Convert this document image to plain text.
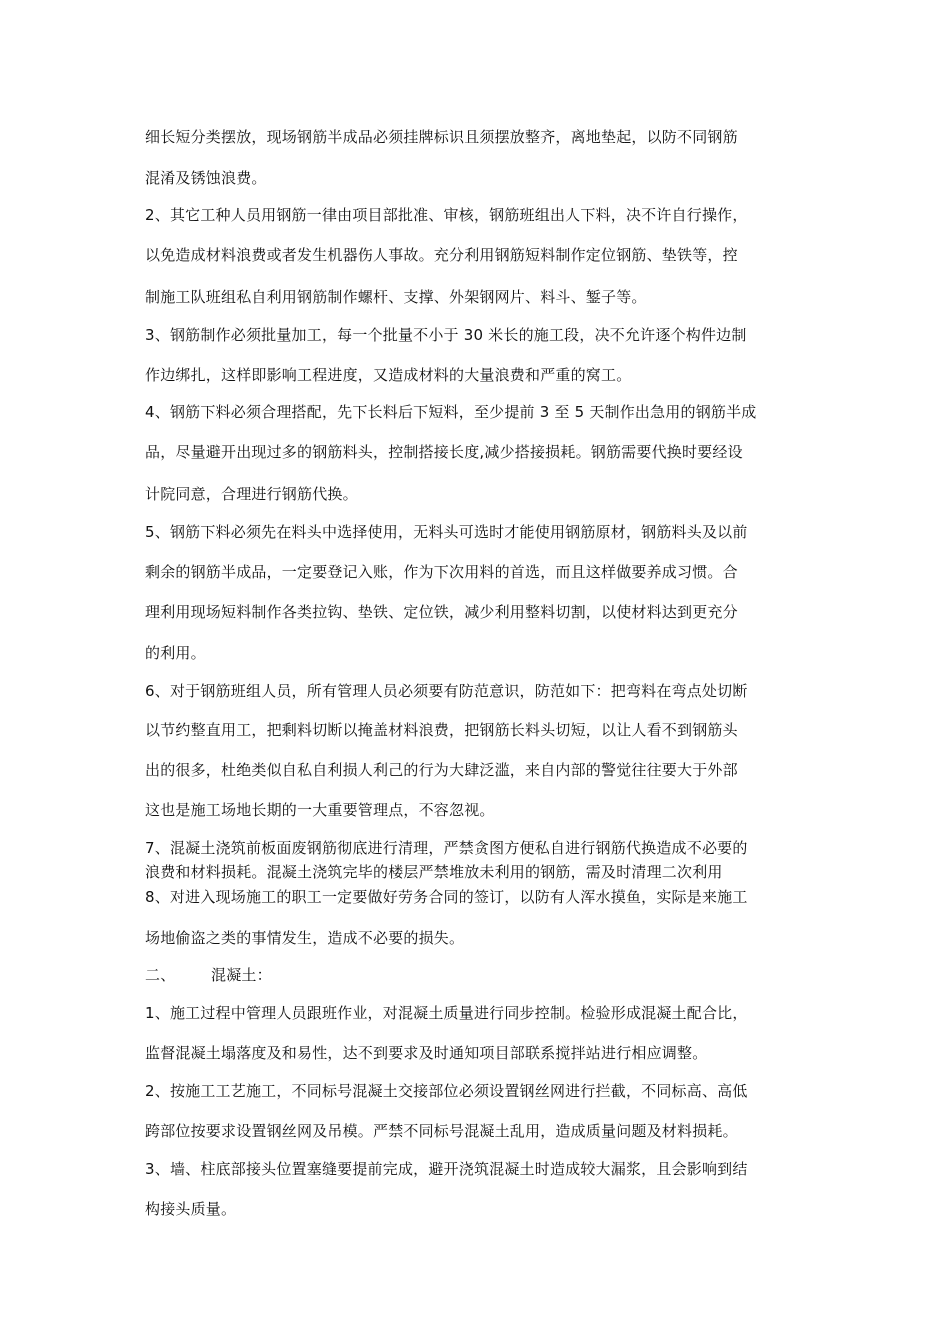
细长短分类摆放，现场钢筋半成品必须挂牌标识且须摆放整齐，离地垫起，以防不同钢筋
混淆及锈蚀浪费。
2、其它工种人员用钢筋一律由项目部批准、审核，钢筋班组出人下料，决不许自行操作，
以免造成材料浪费或者发生机器伤人事故。充分利用钢筋短料制作定位钢筋、垫铁等，控
制施工队班组私自利用钢筋制作螺杆、支撑、外架钢网片、料斗、錾子等。
3、钢筋制作必须批量加工，每一个批量不小于 30 米长的施工段，决不允许逐个构件边制
作边绑扎，这样即影响工程进度，又造成材料的大量浪费和严重的窝工。
4、钢筋下料必须合理搭配，先下长料后下短料，至少提前 3 至 5 天制作出急用的钢筋半成
品，尽量避开出现过多的钢筋料头，控制搭接长度,减少搭接损耗。钢筋需要代换时要经设
计院同意，合理进行钢筋代换。
5、钢筋下料必须先在料头中选择使用，无料头可选时才能使用钢筋原材，钢筋料头及以前
剩余的钢筋半成品，一定要登记入账，作为下次用料的首选，而且这样做要养成习惯。合
理利用现场短料制作各类拉钩、垫铁、定位铁，减少利用整料切割，以使材料达到更充分
的利用。
6、对于钢筋班组人员，所有管理人员必须要有防范意识，防范如下：把弯料在弯点处切断
以节约整直用工，把剩料切断以掩盖材料浪费，把钢筋长料头切短，以让人看不到钢筋头
出的很多，杜绝类似自私自利损人利己的行为大肆泛滥，来自内部的警觉往往要大于外部
这也是施工场地长期的一大重要管理点，不容忽视。
7、混凝土浇筑前板面废钢筋彻底进行清理，严禁贪图方便私自进行钢筋代换造成不必要的
浪费和材料损耗。混凝土浇筑完毕的楼层严禁堆放未利用的钢筋，需及时清理二次利用
8、对进入现场施工的职工一定要做好劳务合同的签订，以防有人浑水摸鱼，实际是来施工
场地偷盗之类的事情发生，造成不必要的损失。
二、 混凝土：
1、施工过程中管理人员跟班作业，对混凝土质量进行同步控制。检验形成混凝土配合比，
监督混凝土塌落度及和易性，达不到要求及时通知项目部联系搅拌站进行相应调整。
2、按施工工艺施工，不同标号混凝土交接部位必须设置钢丝网进行拦截，不同标高、高低
跨部位按要求设置钢丝网及吊模。严禁不同标号混凝土乱用，造成质量问题及材料损耗。
3、墙、柱底部接头位置塞缝要提前完成，避开浇筑混凝土时造成较大漏浆，且会影响到结
构接头质量。
